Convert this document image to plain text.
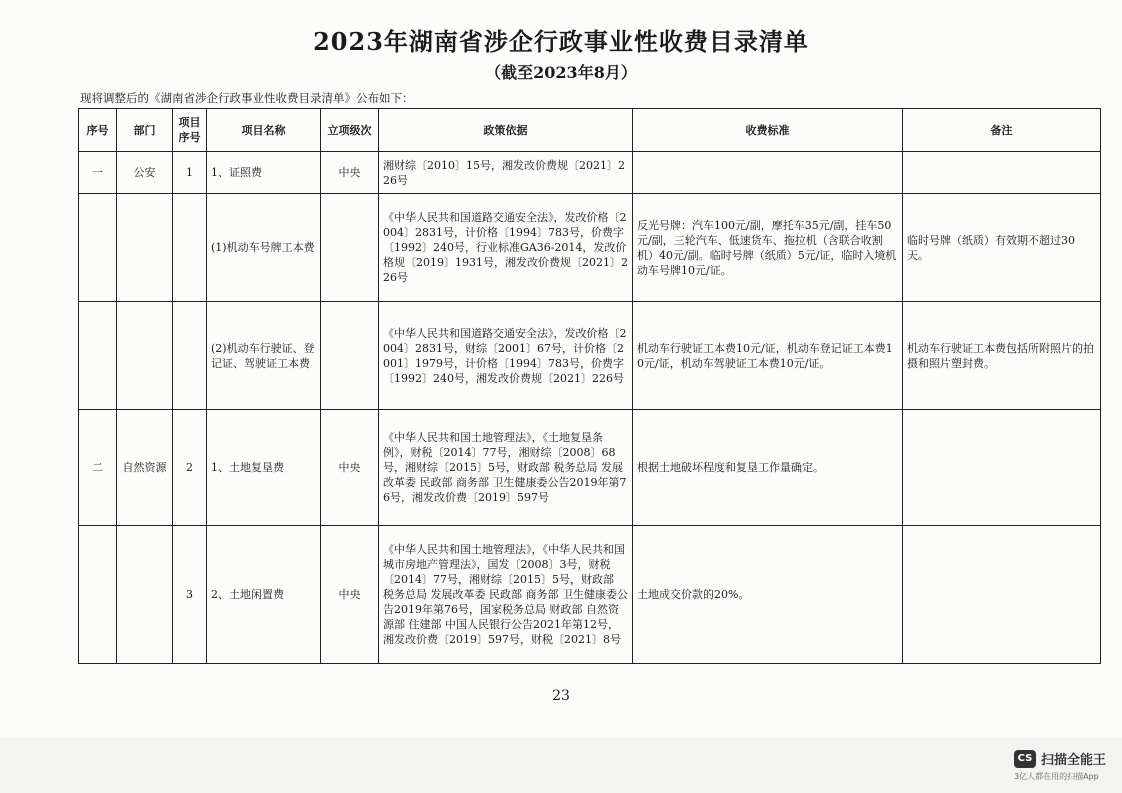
2023年湖南省涉企行政事业性收费目录清单
（截至2023年8月）
现将调整后的《湖南省涉企行政事业性收费目录清单》公布如下：
序号	部门	项目序号	项目名称	立项级次	政策依据	收费标准	备注
一	公安	1	1、证照费	中央	湘财综〔2010〕15号，湘发改价费规〔2021〕226号		
			(1)机动车号牌工本费		《中华人民共和国道路交通安全法》，发改价格〔2004〕2831号，计价格〔1994〕783号，价费字〔1992〕240号，行业标准GA36-2014，发改价格规〔2019〕1931号，湘发改价费规〔2021〕226号	反光号牌：汽车100元/副，摩托车35元/副，挂车50元/副，三轮汽车、低速货车、拖拉机（含联合收割机）40元/副。临时号牌（纸质）5元/证，临时入境机动车号牌10元/证。	临时号牌（纸质）有效期不超过30天。
			(2)机动车行驶证、登记证、驾驶证工本费		《中华人民共和国道路交通安全法》，发改价格〔2004〕2831号，财综〔2001〕67号，计价格〔2001〕1979号，计价格〔1994〕783号，价费字〔1992〕240号，湘发改价费规〔2021〕226号	机动车行驶证工本费10元/证，机动车登记证工本费10元/证，机动车驾驶证工本费10元/证。	机动车行驶证工本费包括所附照片的拍摄和照片塑封费。
二	自然资源	2	1、土地复垦费	中央	《中华人民共和国土地管理法》，《土地复垦条例》，财税〔2014〕77号，湘财综〔2008〕68号，湘财综〔2015〕5号，财政部 税务总局 发展改革委 民政部 商务部 卫生健康委公告2019年第76号，湘发改价费〔2019〕597号	根据土地破坏程度和复垦工作量确定。	
		3	2、土地闲置费	中央	《中华人民共和国土地管理法》，《中华人民共和国城市房地产管理法》，国发〔2008〕3号，财税〔2014〕77号，湘财综〔2015〕5号，财政部 税务总局 发展改革委 民政部 商务部 卫生健康委公告2019年第76号，国家税务总局 财政部 自然资源部 住建部 中国人民银行公告2021年第12号，湘发改价费〔2019〕597号，财税〔2021〕8号	土地成交价款的20%。	
23
CS 扫描全能王
3亿人都在用的扫描App
